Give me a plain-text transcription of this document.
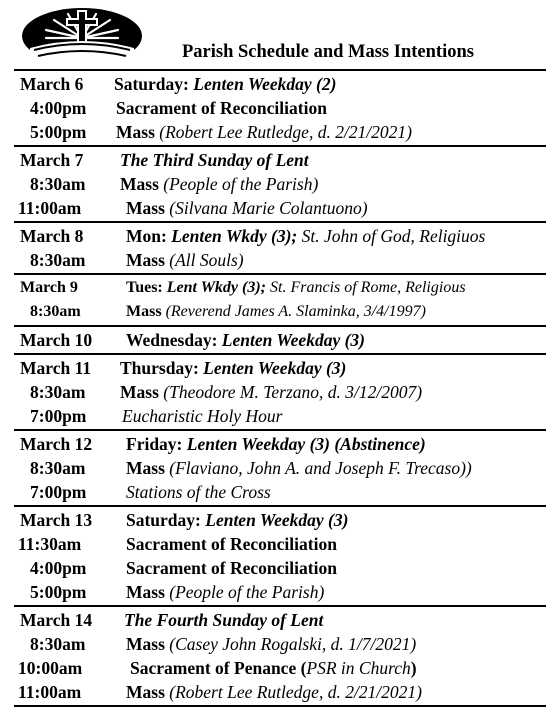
Parish Schedule and Mass Intentions
March 6 Saturday: Lenten Weekday (2)
4:00pm Sacrament of Reconciliation
5:00pm Mass (Robert Lee Rutledge, d. 2/21/2021)
March 7 The Third Sunday of Lent
8:30am Mass (People of the Parish)
11:00am	Mass (Silvana Marie Colantuono)
March 8 Mon: Lenten Wkdy (3); St. John of God, Religiuos
8:30am Mass (All Souls)
March 9	Tues: Lent Wkdy (3); St. Francis of Rome, Religious
8:30am	Mass (Reverend James A. Slaminka, 3/4/1997)
March 10 Wednesday: Lenten Weekday (3)
March 11 Thursday: Lenten Weekday (3)
8:30am Mass (Theodore M. Terzano, d. 3/12/2007)
7:00pm Eucharistic Holy Hour
March 12 Friday: Lenten Weekday (3) (Abstinence)
8:30am Mass (Flaviano, John A. and Joseph F. Trecaso))
7:00pm Stations of the Cross
March 13 Saturday: Lenten Weekday (3)
11:30am	Sacrament of Reconciliation
4:00pm Sacrament of Reconciliation
5:00pm Mass (People of the Parish)
March 14 The Fourth Sunday of Lent
8:30am Mass (Casey John Rogalski, d. 1/7/2021)
10:00am	Sacrament of Penance (PSR in Church)
11:00am	Mass (Robert Lee Rutledge, d. 2/21/2021)
